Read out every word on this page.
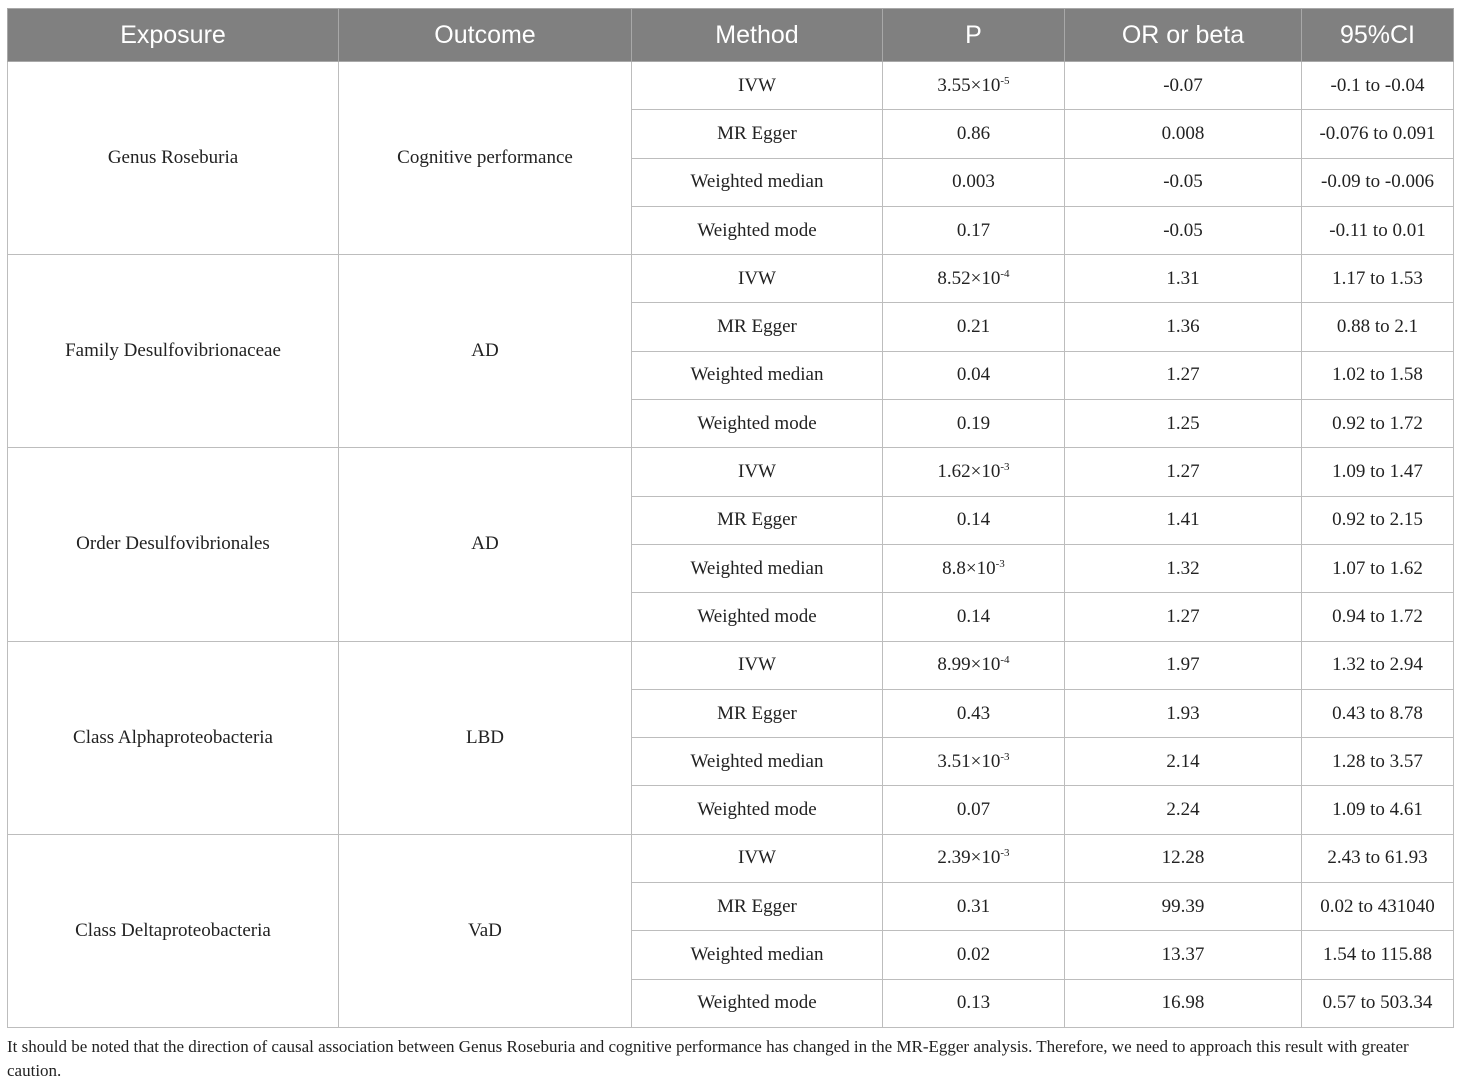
Exposure	Outcome	Method	P	OR or beta	95%CI
Genus Roseburia	Cognitive performance	IVW	$3.55\times 10^{-5}$	-0.07	-0.1 to -0.04
		MR Egger	0.86	0.008	-0.076 to 0.091
		Weighted median	0.003	-0.05	-0.09 to -0.006
		Weighted mode	0.17	-0.05	-0.11 to 0.01
Family Desulfovibrionaceae	AD	IVW	$8.52\times 10^{-4}$	1.31	1.17 to 1.53
		MR Egger	0.21	1.36	0.88 to 2.1
		Weighted median	0.04	1.27	1.02 to 1.58
		Weighted mode	0.19	1.25	0.92 to 1.72
Order Desulfovibrionales	AD	IVW	$1.62\times 10^{-3}$	1.27	1.09 to 1.47
		MR Egger	0.14	1.41	0.92 to 2.15
		Weighted median	$8.8\times 10^{-3}$	1.32	1.07 to 1.62
		Weighted mode	0.14	1.27	0.94 to 1.72
Class Alphaproteobacteria	LBD	IVW	$8.99\times 10^{-4}$	1.97	1.32 to 2.94
		MR Egger	0.43	1.93	0.43 to 8.78
		Weighted median	$3.51\times 10^{-3}$	2.14	1.28 to 3.57
		Weighted mode	0.07	2.24	1.09 to 4.61
Class Deltaproteobacteria	VaD	IVW	$2.39\times 10^{-3}$	12.28	2.43 to 61.93
		MR Egger	0.31	99.39	0.02 to 431040
		Weighted median	0.02	13.37	1.54 to 115.88
		Weighted mode	0.13	16.98	0.57 to 503.34
It should be noted that the direction of causal association between Genus Roseburia and cognitive performance has changed in the MR-Egger analysis. Therefore, we need to approach this result with greater caution.
